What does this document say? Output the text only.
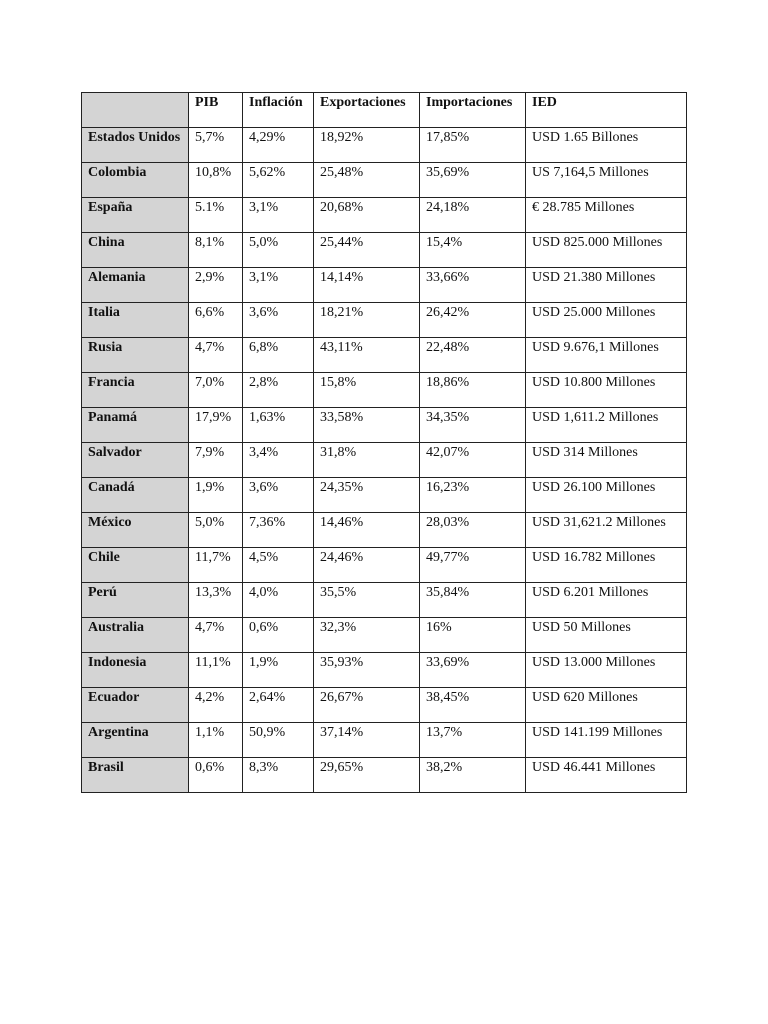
	PIB	Inflación	Exportaciones	Importaciones	IED
Estados Unidos	5,7%	4,29%	18,92%	17,85%	USD 1.65 Billones
Colombia	10,8%	5,62%	25,48%	35,69%	US 7,164,5 Millones
España	5.1%	3,1%	20,68%	24,18%	€ 28.785 Millones
China	8,1%	5,0%	25,44%	15,4%	USD 825.000 Millones
Alemania	2,9%	3,1%	14,14%	33,66%	USD 21.380 Millones
Italia	6,6%	3,6%	18,21%	26,42%	USD 25.000 Millones
Rusia	4,7%	6,8%	43,11%	22,48%	USD 9.676,1 Millones
Francia	7,0%	2,8%	15,8%	18,86%	USD 10.800 Millones
Panamá	17,9%	1,63%	33,58%	34,35%	USD 1,611.2 Millones
Salvador	7,9%	3,4%	31,8%	42,07%	USD 314 Millones
Canadá	1,9%	3,6%	24,35%	16,23%	USD 26.100 Millones
México	5,0%	7,36%	14,46%	28,03%	USD 31,621.2 Millones
Chile	11,7%	4,5%	24,46%	49,77%	USD 16.782 Millones
Perú	13,3%	4,0%	35,5%	35,84%	USD 6.201 Millones
Australia	4,7%	0,6%	32,3%	16%	USD 50 Millones
Indonesia	11,1%	1,9%	35,93%	33,69%	USD 13.000 Millones
Ecuador	4,2%	2,64%	26,67%	38,45%	USD 620 Millones
Argentina	1,1%	50,9%	37,14%	13,7%	USD 141.199 Millones
Brasil	0,6%	8,3%	29,65%	38,2%	USD 46.441 Millones
